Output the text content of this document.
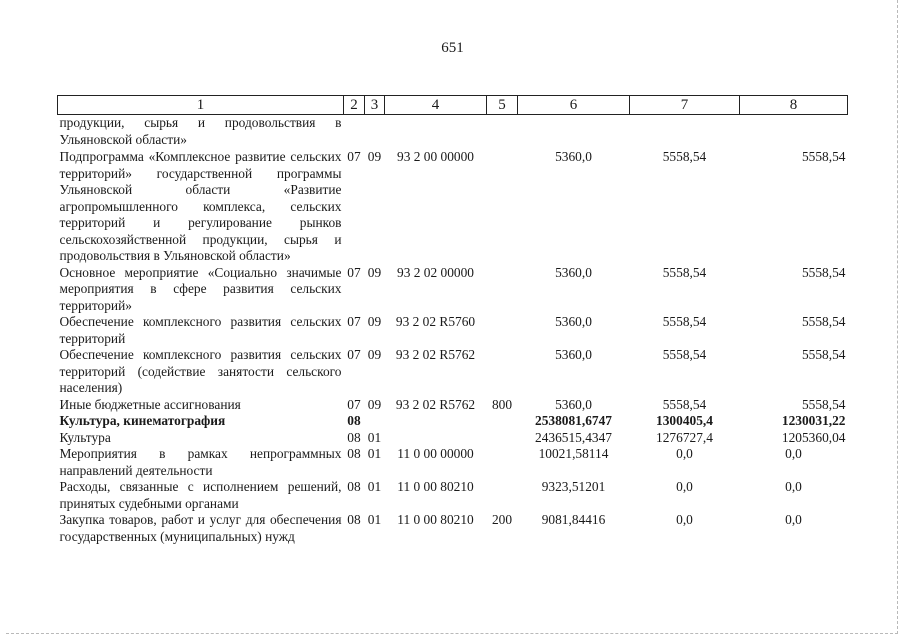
651
1	2	3	4	5	6	7	8
продукции, сырья и продовольствия в Ульяновской области»							
Подпрограмма «Комплексное развитие сельских территорий» государственной программы Ульяновской области «Развитие агропромышленного комплекса, сельских территорий и регулирование рынков сельскохозяйственной продукции, сырья и продовольствия в Ульяновской области»	07	09	93 2 00 00000		5360,0	5558,54	5558,54
Основное мероприятие «Социально значимые мероприятия в сфере развития сельских территорий»	07	09	93 2 02 00000		5360,0	5558,54	5558,54
Обеспечение комплексного развития сельских территорий	07	09	93 2 02 R5760		5360,0	5558,54	5558,54
Обеспечение комплексного развития сельских территорий (содействие занятости сельского населения)	07	09	93 2 02 R5762		5360,0	5558,54	5558,54
Иные бюджетные ассигнования	07	09	93 2 02 R5762	800	5360,0	5558,54	5558,54
Культура, кинематография	08				2538081,6747	1300405,4	1230031,22
Культура	08	01			2436515,4347	1276727,4	1205360,04
Мероприятия в рамках непрограммных направлений деятельности	08	01	11 0 00 00000		10021,58114	0,0	0,0
Расходы, связанные с исполнением решений, принятых судебными органами	08	01	11 0 00 80210		9323,51201	0,0	0,0
Закупка товаров, работ и услуг для обеспечения государственных (муниципальных) нужд	08	01	11 0 00 80210	200	9081,84416	0,0	0,0
